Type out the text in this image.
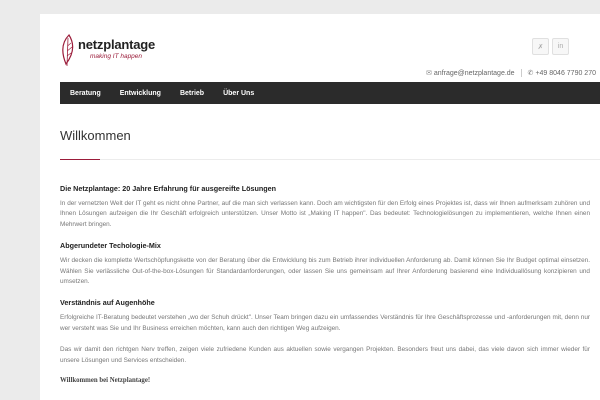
netzplantage
making IT happen
✗	in
✉ anfrage@netzplantage.de ✆ +49 8046 7790 270
Beratung	Entwicklung	Betrieb	Über Uns
Willkommen
Die Netzplantage: 20 Jahre Erfahrung für ausgereifte Lösungen

In der vernetzten Welt der IT geht es nicht ohne Partner, auf die man sich verlassen kann. Doch am wichtigsten für den Erfolg eines Projektes ist, dass wir Ihnen aufmerksam zuhören und Ihnen Lösungen aufzeigen die Ihr Geschäft erfolgreich unterstützen. Unser Motto ist „Making IT happen". Das bedeutet: Technologielösungen zu implementieren, welche Ihnen einen Mehrwert bringen.

Abgerundeter Techologie-Mix

Wir decken die komplette Wertschöpfungskette von der Beratung über die Entwicklung bis zum Betrieb ihrer individuellen Anforderung ab. Damit können Sie Ihr Budget optimal einsetzen. Wählen Sie verlässliche Out-of-the-box-Lösungen für Standardanforderungen, oder lassen Sie uns gemeinsam auf Ihrer Anforderung basierend eine Individuallösung konzipieren und umsetzen.

Verständnis auf Augenhöhe

Erfolgreiche IT-Beratung bedeutet verstehen „wo der Schuh drückt". Unser Team bringen dazu ein umfassendes Verständnis für Ihre Geschäftsprozesse und -anforderungen mit, denn nur wer versteht was Sie und Ihr Business erreichen möchten, kann auch den richtigen Weg aufzeigen.

Das wir damit den richtgen Nerv treffen, zeigen viele zufriedene Kunden aus aktuellen sowie vergangen Projekten. Besonders freut uns dabei, das viele davon sich immer wieder für unsere Lösungen und Services entscheiden.

Willkommen bei Netzplantage!
